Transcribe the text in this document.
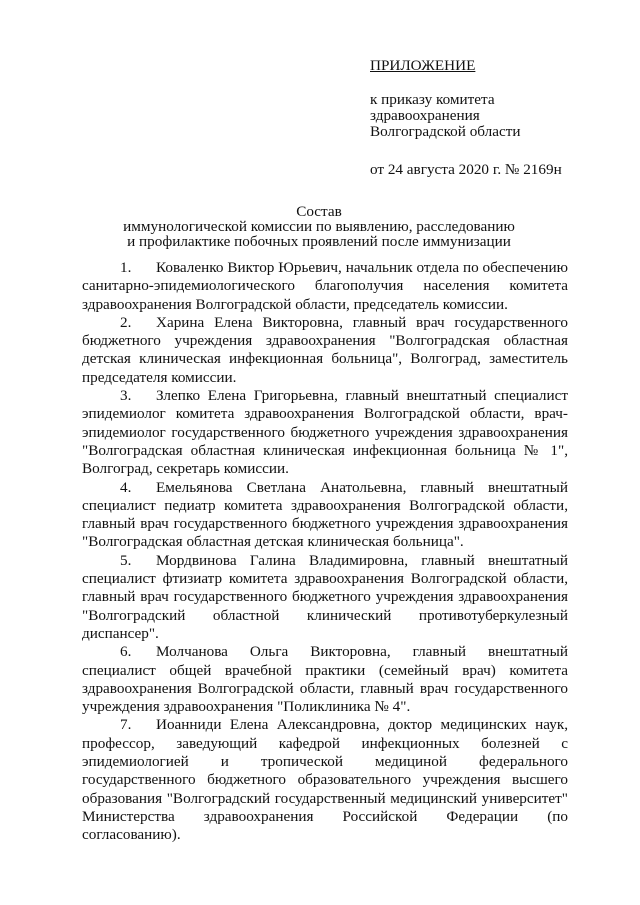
ПРИЛОЖЕНИЕ
к приказу комитета
здравоохранения
Волгоградской области
от 24 августа 2020 г. № 2169н
Состав
иммунологической комиссии по выявлению, расследованию
и профилактике побочных проявлений после иммунизации

1. Коваленко Виктор Юрьевич, начальник отдела по обеспечению санитарно-эпидемиологического благополучия населения комитета здравоохранения Волгоградской области, председатель комиссии.

2. Харина Елена Викторовна, главный врач государственного бюджетного учреждения здравоохранения "Волгоградская областная детская клиническая инфекционная больница", Волгоград, заместитель председателя комиссии.

3. Злепко Елена Григорьевна, главный внештатный специалист эпидемиолог комитета здравоохранения Волгоградской области, врач-эпидемиолог государственного бюджетного учреждения здравоохранения "Волгоградская областная клиническая инфекционная больница № 1", Волгоград, секретарь комиссии.

4. Емельянова Светлана Анатольевна, главный внештатный специалист педиатр комитета здравоохранения Волгоградской области, главный врач государственного бюджетного учреждения здравоохранения "Волгоградская областная детская клиническая больница".

5. Мордвинова Галина Владимировна, главный внештатный специалист фтизиатр комитета здравоохранения Волгоградской области, главный врач государственного бюджетного учреждения здравоохранения "Волгоградский областной клинический противотуберкулезный диспансер".

6. Молчанова Ольга Викторовна, главный внештатный специалист общей врачебной практики (семейный врач) комитета здравоохранения Волгоградской области, главный врач государственного учреждения здравоохранения "Поликлиника № 4".

7. Иоанниди Елена Александровна, доктор медицинских наук, профессор, заведующий кафедрой инфекционных болезней с эпидемиологией и тропической медициной федерального государственного бюджетного образовательного учреждения высшего образования "Волгоградский государственный медицинский университет" Министерства здравоохранения Российской Федерации (по согласованию).
